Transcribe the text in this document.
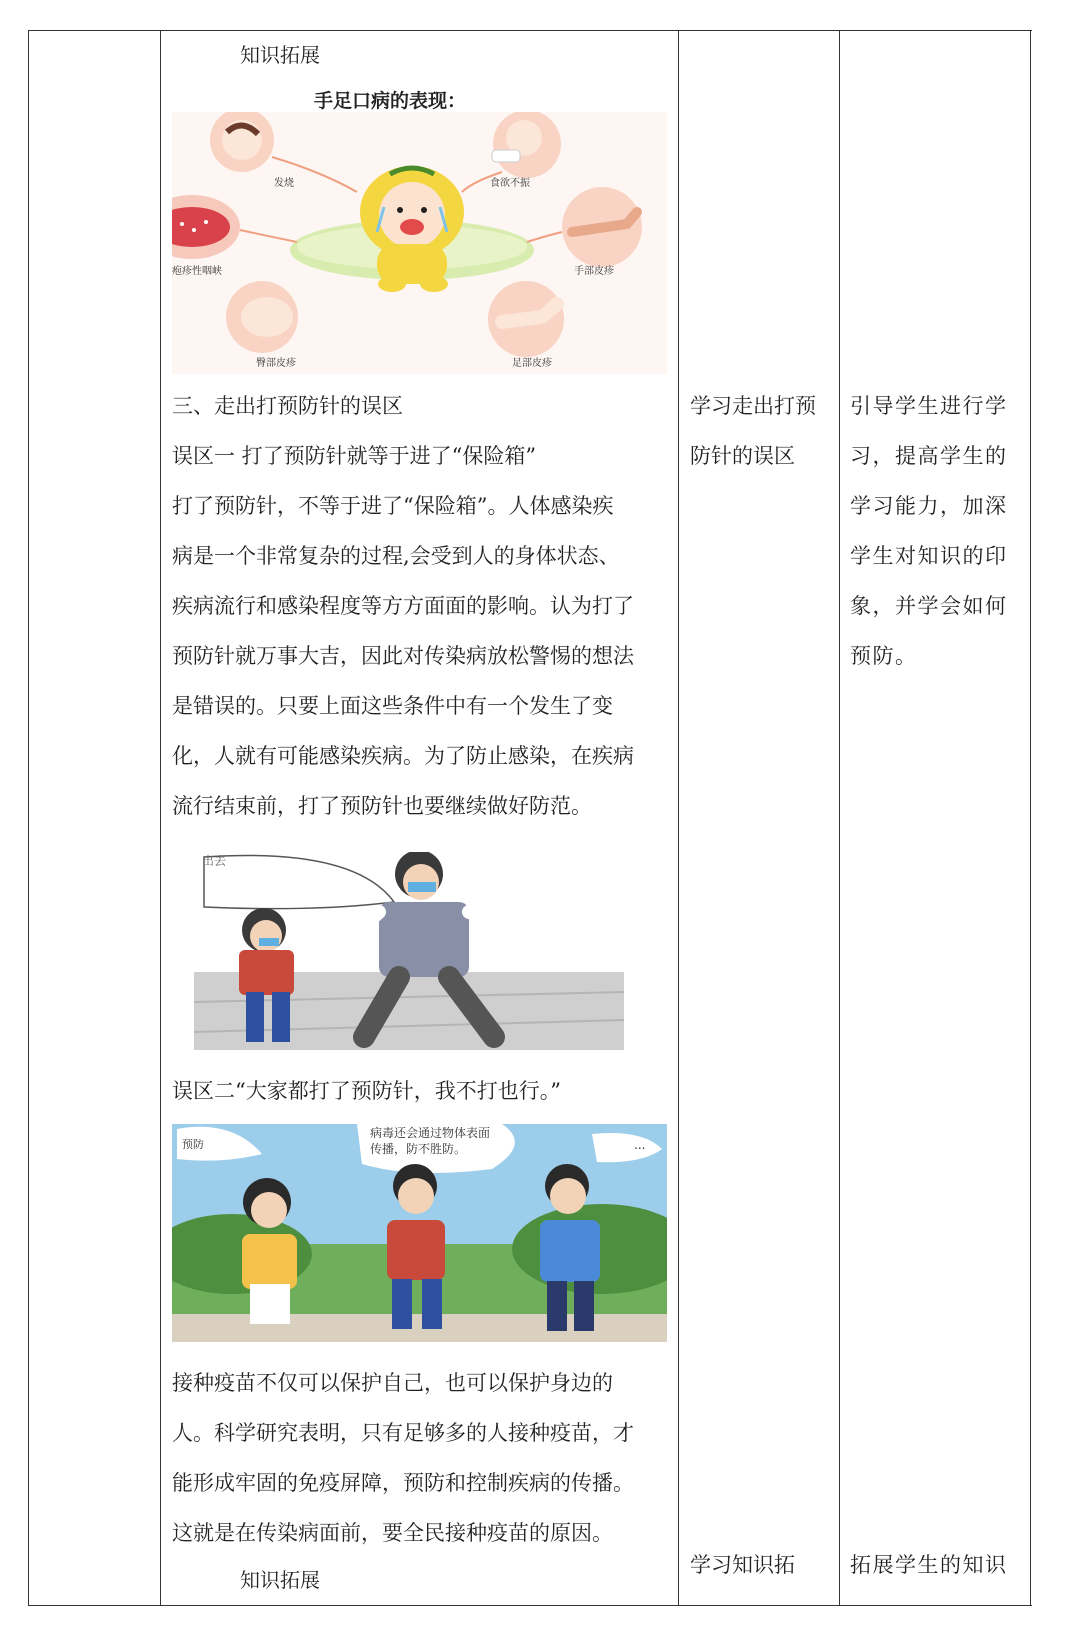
知识拓展
手足口病的表现：
发烧	食欲不振
疱疹性咽峡	手部皮疹
臀部皮疹	足部皮疹
三、走出打预防针的误区
误区一 打了预防针就等于进了“保险箱”
打了预防针，不等于进了“保险箱”。人体感染疾
病是一个非常复杂的过程,会受到人的身体状态、
疾病流行和感染程度等方方面面的影响。认为打了
预防针就万事大吉，因此对传染病放松警惕的想法
是错误的。只要上面这些条件中有一个发生了变
化，人就有可能感染疾病。为了防止感染，在疾病
流行结束前，打了预防针也要继续做好防范。
出去
误区二“大家都打了预防针，我不打也行。”
预防
病毒还会通过物体表面
传播，防不胜防。	...
接种疫苗不仅可以保护自己，也可以保护身边的
人。科学研究表明，只有足够多的人接种疫苗，才
能形成牢固的免疫屏障，预防和控制疾病的传播。
这就是在传染病面前，要全民接种疫苗的原因。
知识拓展
学习走出打预
防针的误区
学习知识拓
引导学生进行学
习，提高学生的
学习能力，加深
学生对知识的印
象，并学会如何
预防。
拓展学生的知识
